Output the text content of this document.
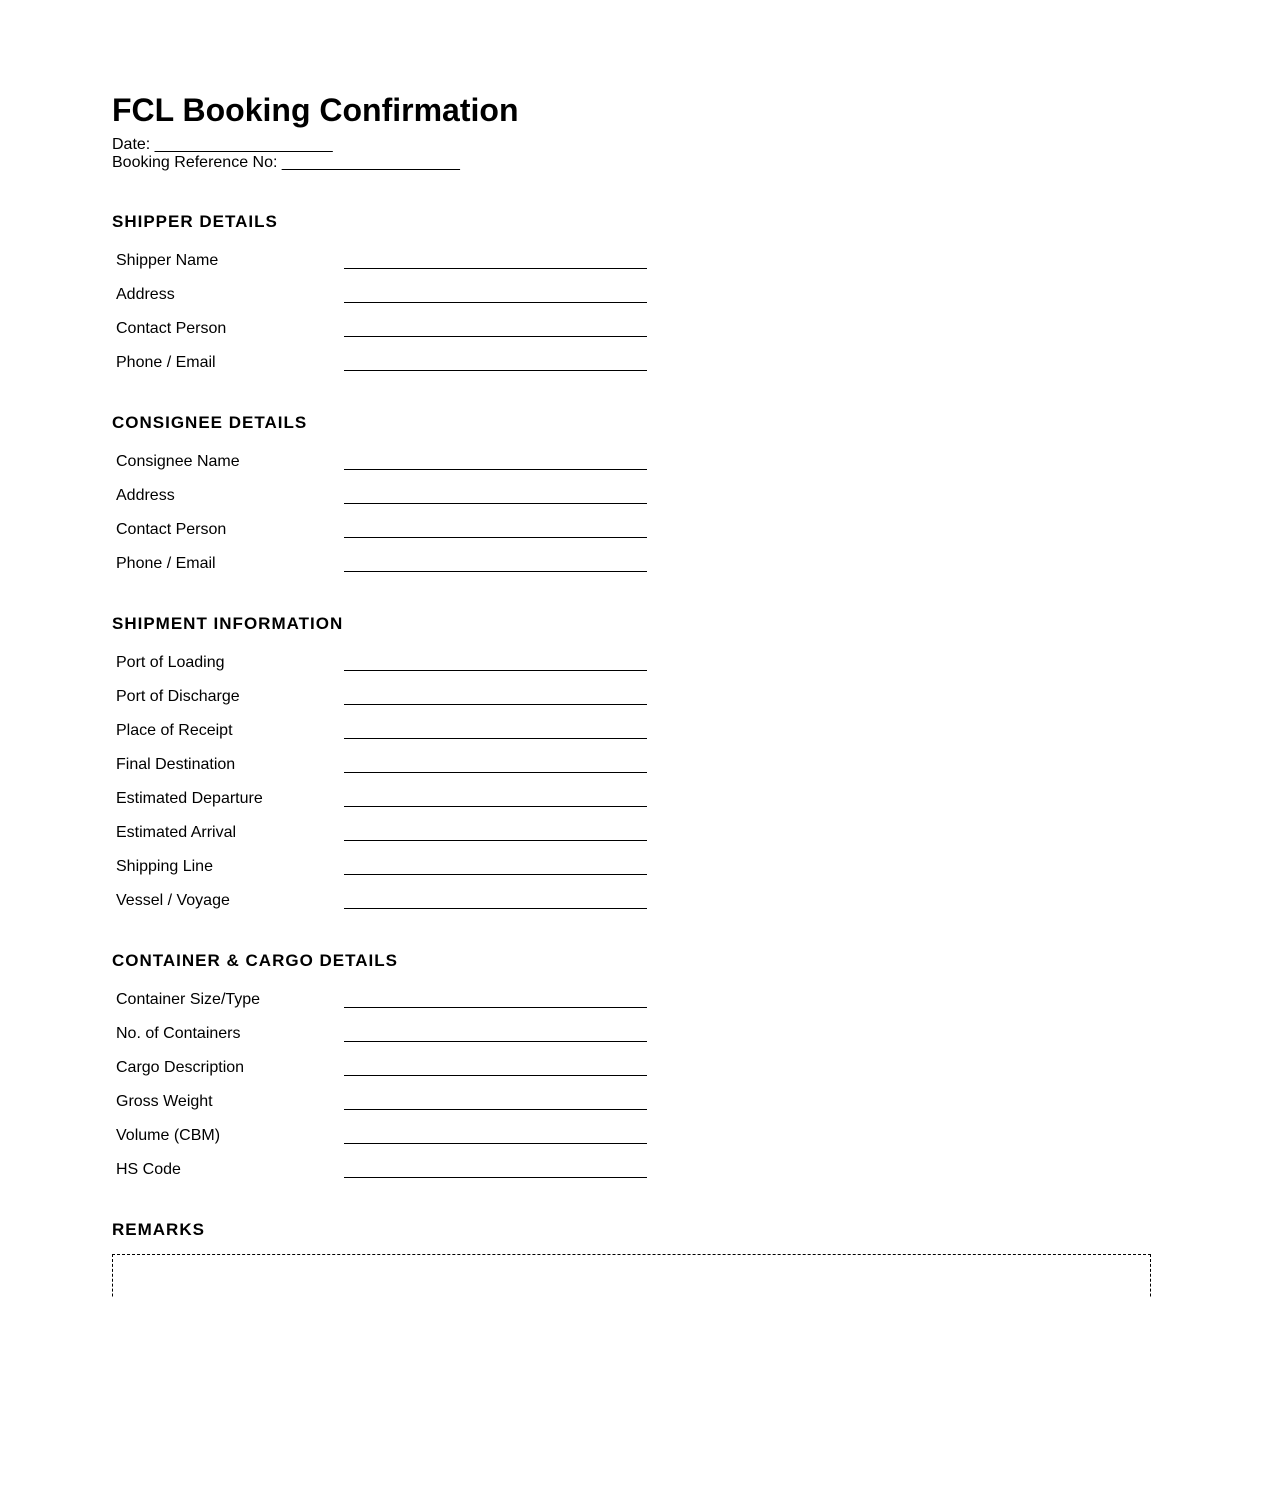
FCL Booking Confirmation
Date: ____________________
Booking Reference No: ____________________
SHIPPER DETAILS
Shipper Name
Address
Contact Person
Phone / Email
CONSIGNEE DETAILS
Consignee Name
Address
Contact Person
Phone / Email
SHIPMENT INFORMATION
Port of Loading
Port of Discharge
Place of Receipt
Final Destination
Estimated Departure
Estimated Arrival
Shipping Line
Vessel / Voyage
CONTAINER & CARGO DETAILS
Container Size/Type
No. of Containers
Cargo Description
Gross Weight
Volume (CBM)
HS Code
REMARKS
